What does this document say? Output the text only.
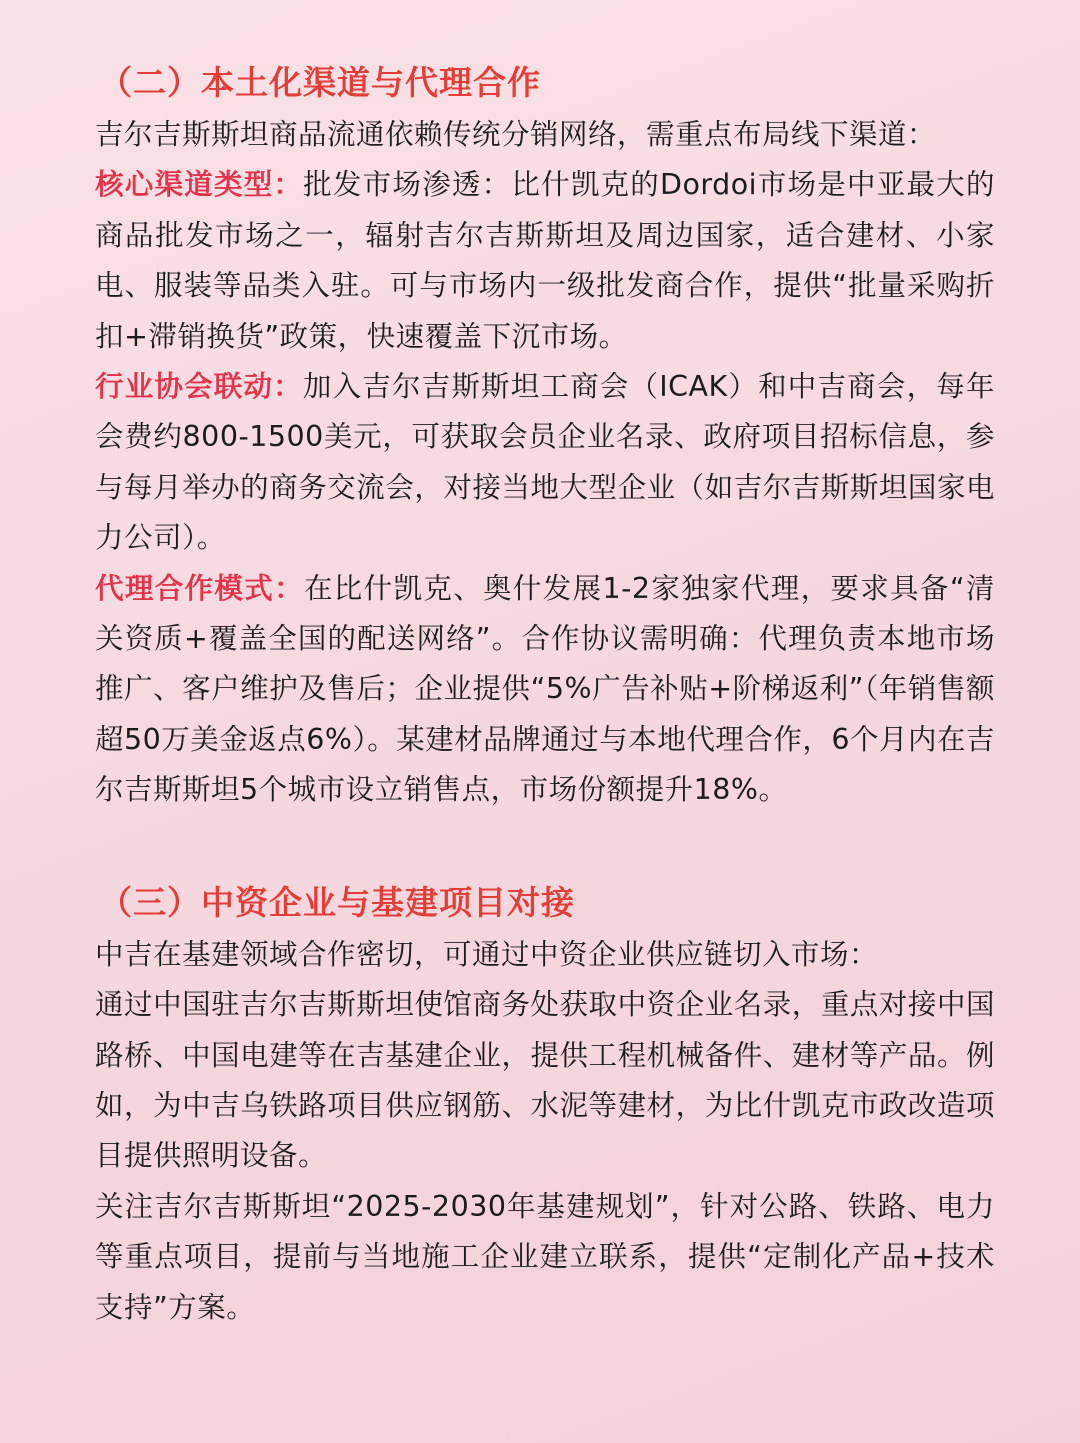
（二）本土化渠道与代理合作

吉尔吉斯斯坦商品流通依赖传统分销网络，需重点布局线下渠道：

核心渠道类型：批发市场渗透：比什凯克的Dordoi市场是中亚最大的商品批发市场之一，辐射吉尔吉斯斯坦及周边国家，适合建材、小家电、服装等品类入驻。可与市场内一级批发商合作，提供“批量采购折扣+滞销换货”政策，快速覆盖下沉市场。

行业协会联动：加入吉尔吉斯斯坦工商会（ICAK）和中吉商会，每年会费约800-1500美元，可获取会员企业名录、政府项目招标信息，参与每月举办的商务交流会，对接当地大型企业（如吉尔吉斯斯坦国家电力公司）。

代理合作模式：在比什凯克、奥什发展1-2家独家代理，要求具备“清关资质+覆盖全国的配送网络”。合作协议需明确：代理负责本地市场推广、客户维护及售后；企业提供“5%广告补贴+阶梯返利”（年销售额超50万美金返点6%）。某建材品牌通过与本地代理合作，6个月内在吉尔吉斯斯坦5个城市设立销售点，市场份额提升18%。

（三）中资企业与基建项目对接

中吉在基建领域合作密切，可通过中资企业供应链切入市场：

通过中国驻吉尔吉斯斯坦使馆商务处获取中资企业名录，重点对接中国路桥、中国电建等在吉基建企业，提供工程机械备件、建材等产品。例如，为中吉乌铁路项目供应钢筋、水泥等建材，为比什凯克市政改造项目提供照明设备。

关注吉尔吉斯斯坦“2025-2030年基建规划”，针对公路、铁路、电力等重点项目，提前与当地施工企业建立联系，提供“定制化产品+技术支持”方案。
